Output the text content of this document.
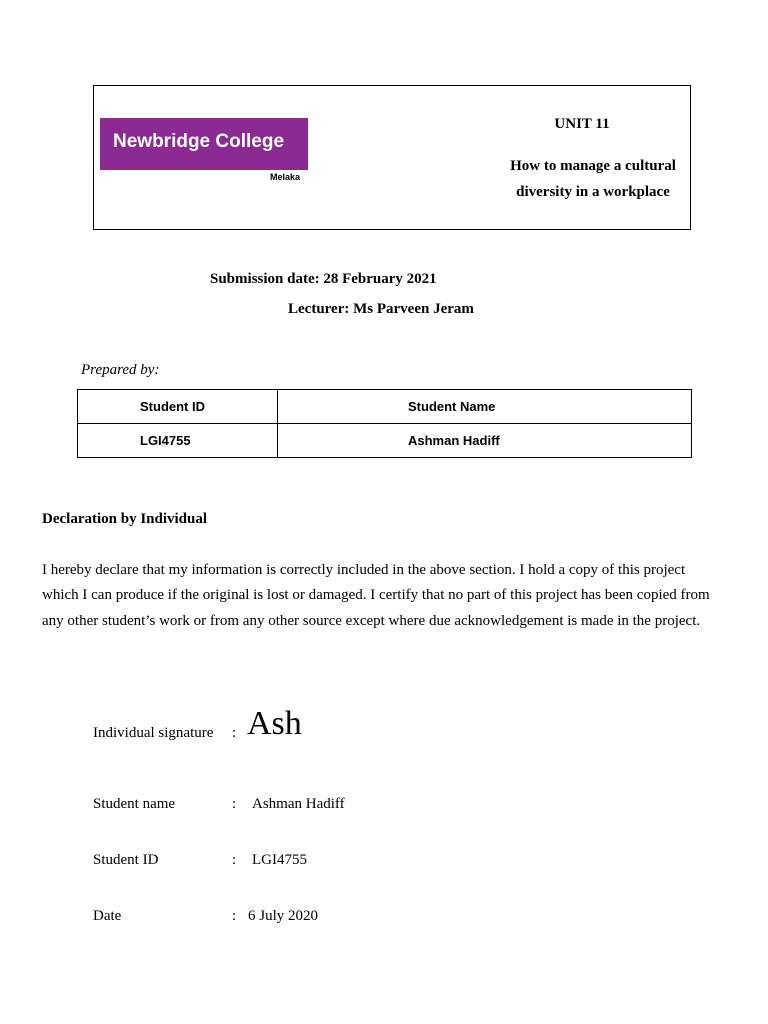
Newbridge College
Melaka
UNIT 11
How to manage a cultural diversity in a workplace
Submission date: 28 February 2021
Lecturer: Ms Parveen Jeram
Prepared by:
Student ID	Student Name
LGI4755	Ashman Hadiff
Declaration by Individual
I hereby declare that my information is correctly included in the above section. I hold a copy of this project which I can produce if the original is lost or damaged. I certify that no part of this project has been copied from any other student’s work or from any other source except where due acknowledgement is made in the project.
Individual signature : Ash
Student name	: Ashman Hadiff
Student ID	: LGI4755
Date	: 6 July 2020
